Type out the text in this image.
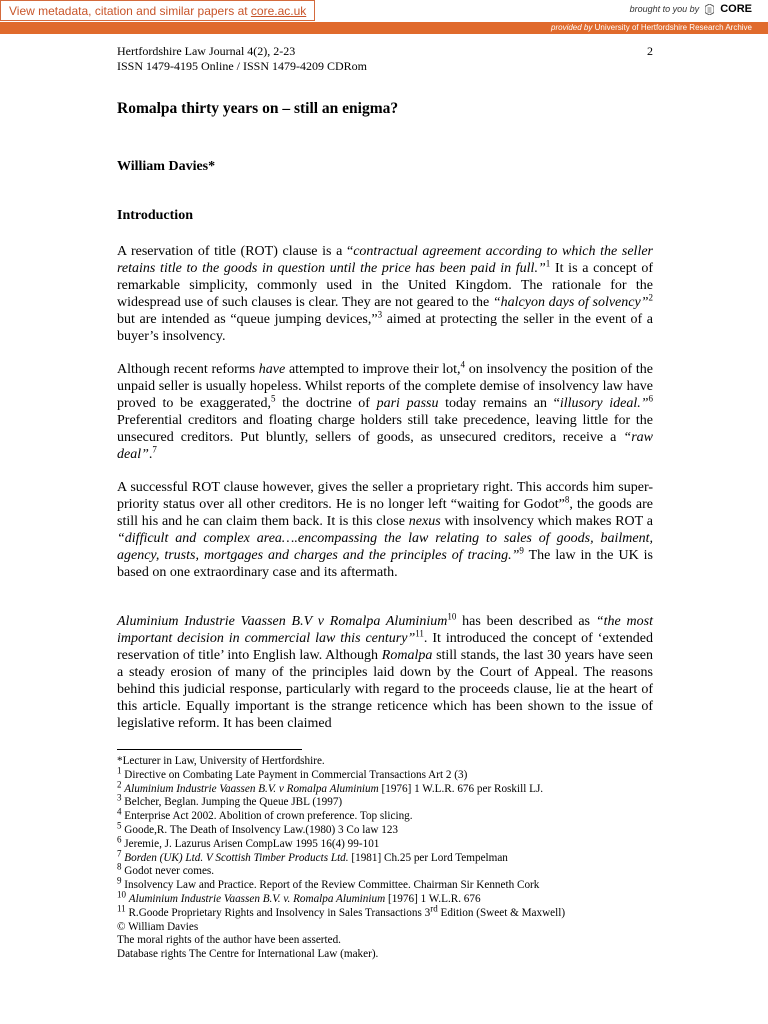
View metadata, citation and similar papers at core.ac.uk	brought to you by CORE
provided by University of Hertfordshire Research Archive
Hertfordshire Law Journal 4(2), 2-23
ISSN 1479-4195 Online / ISSN 1479-4209 CDRom
2
Romalpa thirty years on – still an enigma?
William Davies*
Introduction

A reservation of title (ROT) clause is a “contractual agreement according to which the seller retains title to the goods in question until the price has been paid in full.”$^1$ It is a concept of remarkable simplicity, commonly used in the United Kingdom. The rationale for the widespread use of such clauses is clear. They are not geared to the “halcyon days of solvency”$^2$ but are intended as “queue jumping devices,”$^3$ aimed at protecting the seller in the event of a buyer’s insolvency.

Although recent reforms have attempted to improve their lot,$^4$ on insolvency the position of the unpaid seller is usually hopeless. Whilst reports of the complete demise of insolvency law have proved to be exaggerated,$^5$ the doctrine of pari passu today remains an “illusory ideal.”$^6$ Preferential creditors and floating charge holders still take precedence, leaving little for the unsecured creditors. Put bluntly, sellers of goods, as unsecured creditors, receive a “raw deal”.$^7$

A successful ROT clause however, gives the seller a proprietary right. This accords him super-priority status over all other creditors. He is no longer left “waiting for Godot”$^8$, the goods are still his and he can claim them back. It is this close nexus with insolvency which makes ROT a “difficult and complex area….encompassing the law relating to sales of goods, bailment, agency, trusts, mortgages and charges and the principles of tracing.”$^9$ The law in the UK is based on one extraordinary case and its aftermath.

Aluminium Industrie Vaassen B.V v Romalpa Aluminium$^{10}$ has been described as “the most important decision in commercial law this century”$^{11}$. It introduced the concept of ‘extended reservation of title’ into English law. Although Romalpa still stands, the last 30 years have seen a steady erosion of many of the principles laid down by the Court of Appeal. The reasons behind this judicial response, particularly with regard to the proceeds clause, lie at the heart of this article. Equally important is the strange reticence which has been shown to the issue of legislative reform. It has been claimed

*Lecturer in Law, University of Hertfordshire.
$^1$ Directive on Combating Late Payment in Commercial Transactions Art 2 (3)
$^2$ Aluminium Industrie Vaassen B.V. v Romalpa Aluminium [1976] 1 W.L.R. 676 per Roskill LJ.
$^3$ Belcher, Beglan. Jumping the Queue JBL (1997)
$^4$ Enterprise Act 2002. Abolition of crown preference. Top slicing.
$^5$ Goode,R. The Death of Insolvency Law.(1980) 3 Co law 123
$^6$ Jeremie, J. Lazurus Arisen CompLaw 1995 16(4) 99-101
$^7$ Borden (UK) Ltd. V Scottish Timber Products Ltd. [1981] Ch.25 per Lord Tempelman
$^8$ Godot never comes.
$^9$ Insolvency Law and Practice. Report of the Review Committee. Chairman Sir Kenneth Cork
$^{10}$ Aluminium Industrie Vaassen B.V. v. Romalpa Aluminium [1976] 1 W.L.R. 676
$^{11}$ R.Goode Proprietary Rights and Insolvency in Sales Transactions 3rd Edition (Sweet & Maxwell)
© William Davies
The moral rights of the author have been asserted.
Database rights The Centre for International Law (maker).
